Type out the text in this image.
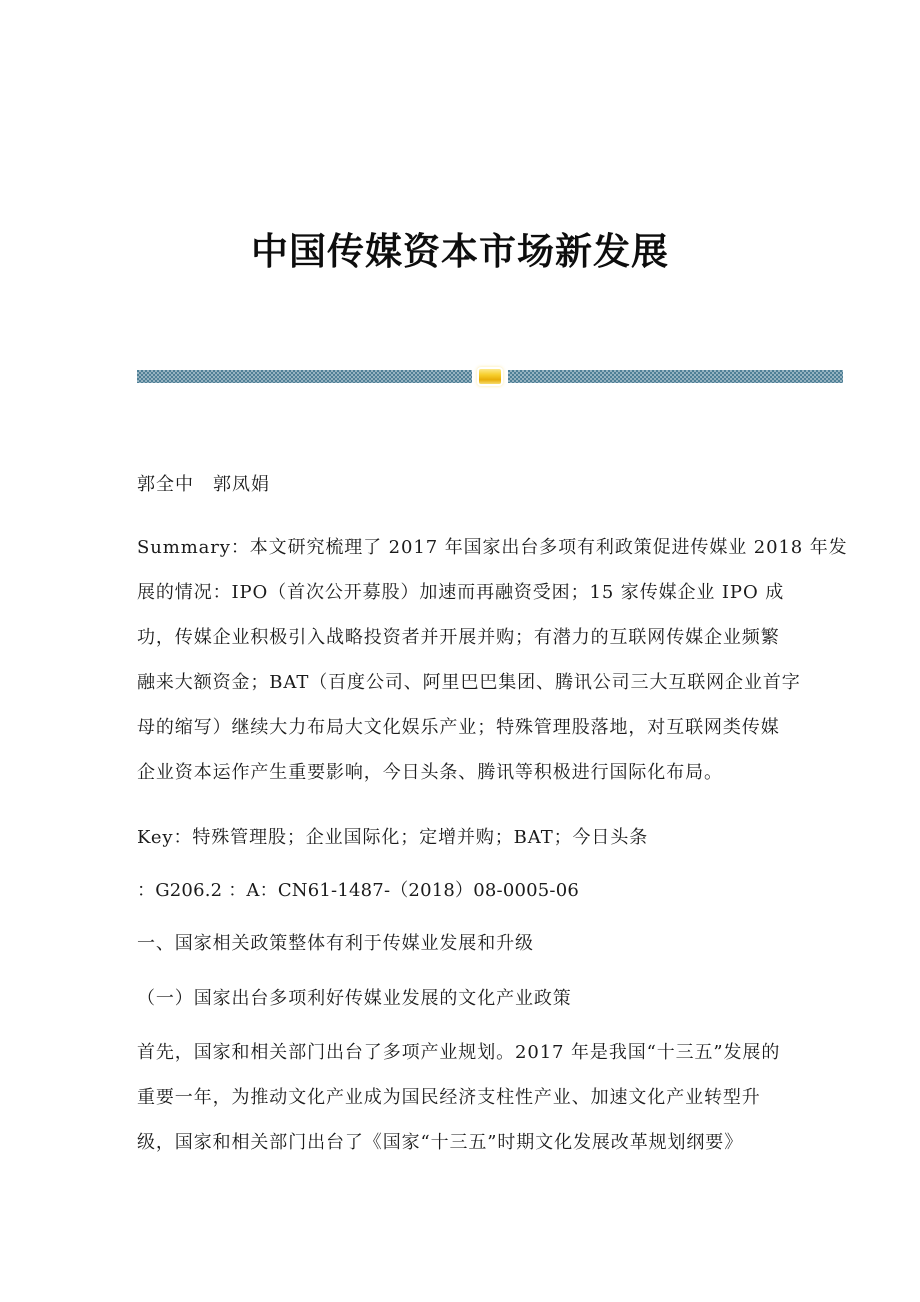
中国传媒资本市场新发展
郭全中　郭凤娟
Summary：本文研究梳理了 2017 年国家出台多项有利政策促进传媒业 2018 年发
展的情况：IPO（首次公开募股）加速而再融资受困；15 家传媒企业 IPO 成
功，传媒企业积极引入战略投资者并开展并购；有潜力的互联网传媒企业频繁
融来大额资金；BAT（百度公司、阿里巴巴集团、腾讯公司三大互联网企业首字
母的缩写）继续大力布局大文化娱乐产业；特殊管理股落地，对互联网类传媒
企业资本运作产生重要影响，今日头条、腾讯等积极进行国际化布局。
Key：特殊管理股；企业国际化；定增并购；BAT；今日头条
：G206.2 ：A：CN61-1487-（2018）08-0005-06
一、国家相关政策整体有利于传媒业发展和升级
（一）国家出台多项利好传媒业发展的文化产业政策
首先，国家和相关部门出台了多项产业规划。2017 年是我国“十三五”发展的
重要一年，为推动文化产业成为国民经济支柱性产业、加速文化产业转型升
级，国家和相关部门出台了《国家“十三五”时期文化发展改革规划纲要》
